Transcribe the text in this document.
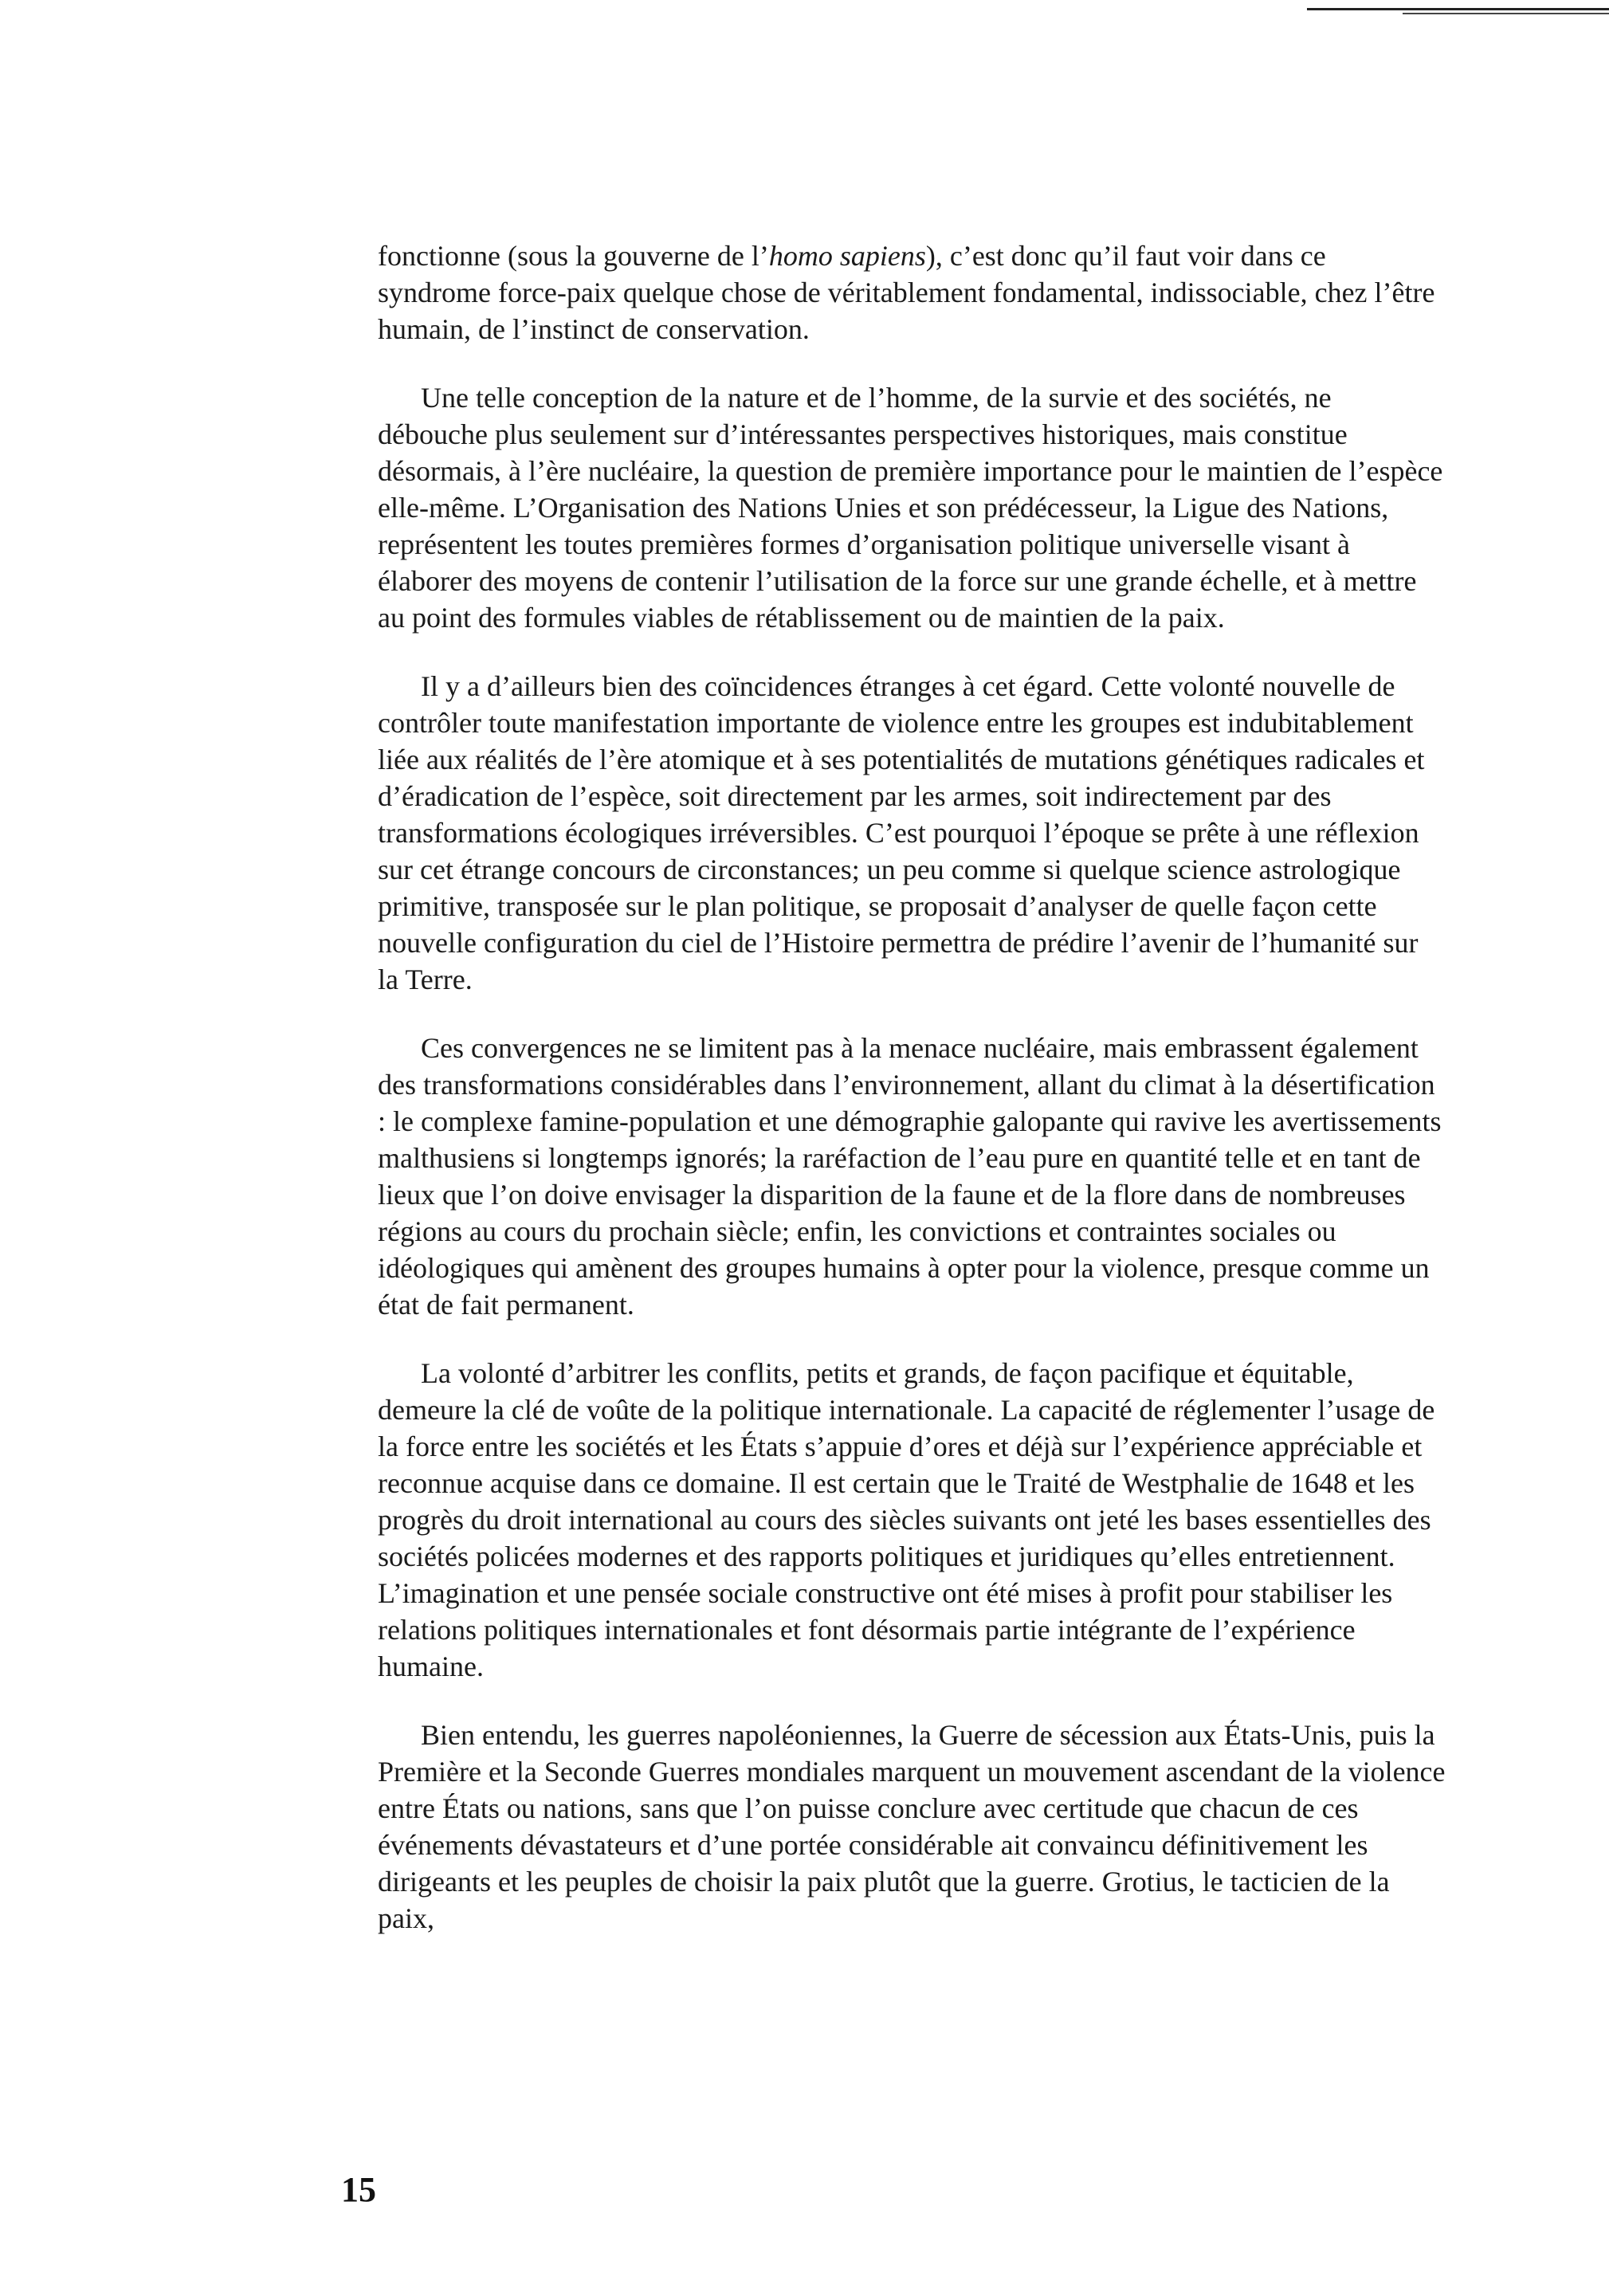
fonctionne (sous la gouverne de l’homo sapiens), c’est donc qu’il faut voir dans ce syndrome force-paix quelque chose de véritablement fondamental, indissociable, chez l’être humain, de l’instinct de conservation.

Une telle conception de la nature et de l’homme, de la survie et des sociétés, ne débouche plus seulement sur d’intéressantes perspectives historiques, mais constitue désormais, à l’ère nucléaire, la question de première importance pour le maintien de l’espèce elle-même. L’Organisation des Nations Unies et son prédécesseur, la Ligue des Nations, représentent les toutes premières formes d’organisation politique universelle visant à élaborer des moyens de contenir l’utilisation de la force sur une grande échelle, et à mettre au point des formules viables de rétablissement ou de maintien de la paix.

Il y a d’ailleurs bien des coïncidences étranges à cet égard. Cette volonté nouvelle de contrôler toute manifestation importante de violence entre les groupes est indubitablement liée aux réalités de l’ère atomique et à ses potentialités de mutations génétiques radicales et d’éradication de l’espèce, soit directement par les armes, soit indirectement par des transformations écologiques irréversibles. C’est pourquoi l’époque se prête à une réflexion sur cet étrange concours de circonstances; un peu comme si quelque science astrologique primitive, transposée sur le plan politique, se proposait d’analyser de quelle façon cette nouvelle configuration du ciel de l’Histoire permettra de prédire l’avenir de l’humanité sur la Terre.

Ces convergences ne se limitent pas à la menace nucléaire, mais embrassent également des transformations considérables dans l’environnement, allant du climat à la désertification : le complexe famine-population et une démographie galopante qui ravive les avertissements malthusiens si longtemps ignorés; la raréfaction de l’eau pure en quantité telle et en tant de lieux que l’on doive envisager la disparition de la faune et de la flore dans de nombreuses régions au cours du prochain siècle; enfin, les convictions et contraintes sociales ou idéologiques qui amènent des groupes humains à opter pour la violence, presque comme un état de fait permanent.

La volonté d’arbitrer les conflits, petits et grands, de façon pacifique et équitable, demeure la clé de voûte de la politique internationale. La capacité de réglementer l’usage de la force entre les sociétés et les États s’appuie d’ores et déjà sur l’expérience appréciable et reconnue acquise dans ce domaine. Il est certain que le Traité de Westphalie de 1648 et les progrès du droit international au cours des siècles suivants ont jeté les bases essentielles des sociétés policées modernes et des rapports politiques et juridiques qu’elles entretiennent. L’imagination et une pensée sociale constructive ont été mises à profit pour stabiliser les relations politiques internationales et font désormais partie intégrante de l’expérience humaine.

Bien entendu, les guerres napoléoniennes, la Guerre de sécession aux États-Unis, puis la Première et la Seconde Guerres mondiales marquent un mouvement ascendant de la violence entre États ou nations, sans que l’on puisse conclure avec certitude que chacun de ces événements dévastateurs et d’une portée considérable ait convaincu définitivement les dirigeants et les peuples de choisir la paix plutôt que la guerre. Grotius, le tacticien de la paix,

15
